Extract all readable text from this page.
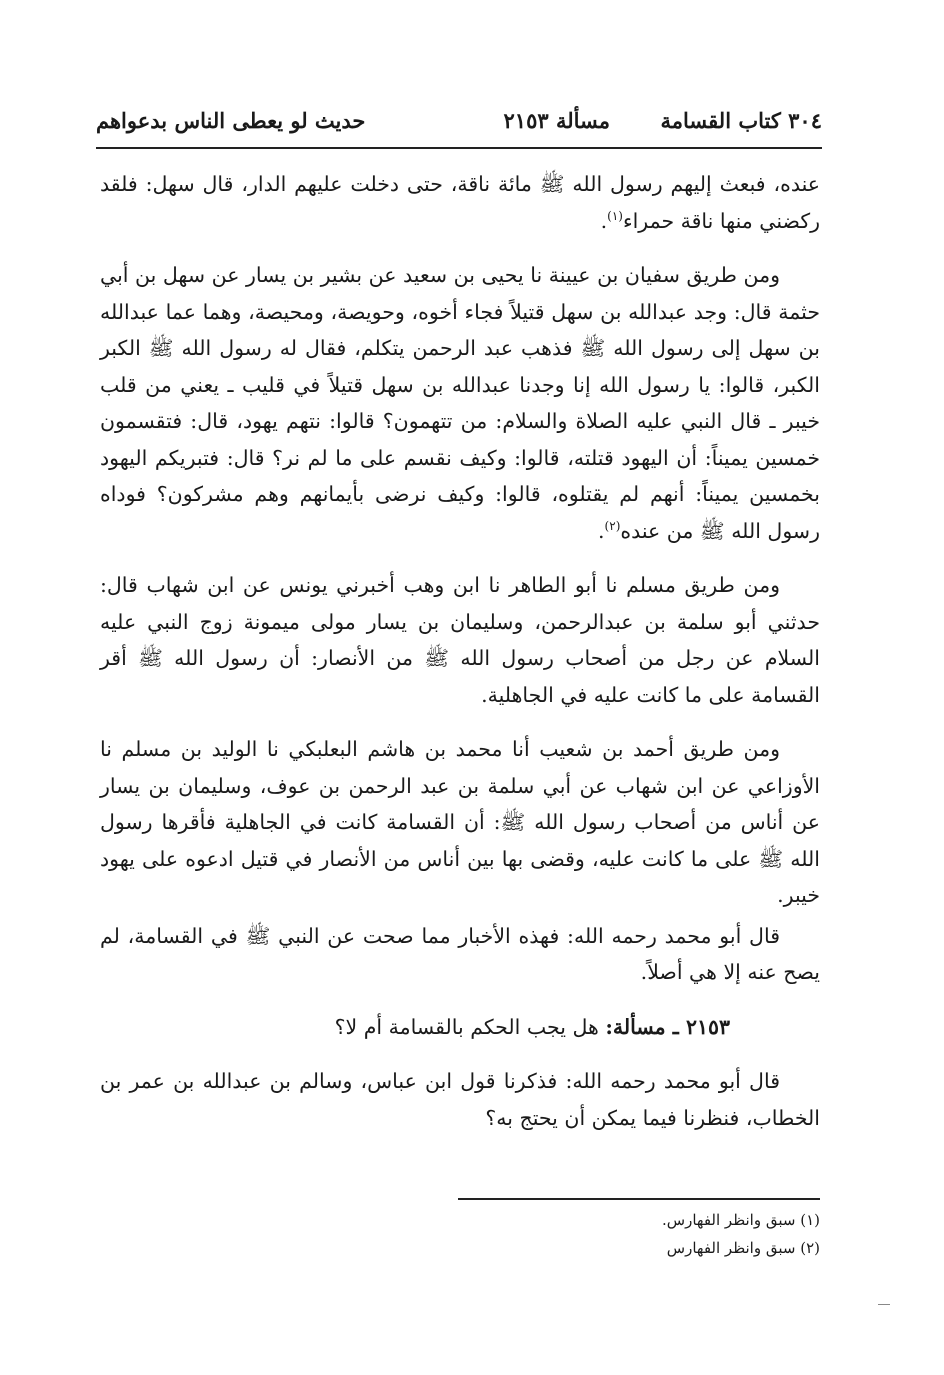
٣٠٤ كتاب القسامة
مسألة ٢١٥٣
حديث لو يعطى الناس بدعواهم

عنده، فبعث إليهم رسول الله ﷺ مائة ناقة، حتى دخلت عليهم الدار، قال سهل: فلقد ركضني منها ناقة حمراء$^{(١)}$.

ومن طريق سفيان بن عيينة نا يحيى بن سعيد عن بشير بن يسار عن سهل بن أبي حثمة قال: وجد عبدالله بن سهل قتيلاً فجاء أخوه، وحويصة، ومحيصة، وهما عما عبدالله بن سهل إلى رسول الله ﷺ فذهب عبد الرحمن يتكلم، فقال له رسول الله ﷺ الكبر الكبر، قالوا: يا رسول الله إنا وجدنا عبدالله بن سهل قتيلاً في قليب ـ يعني من قلب خيبر ـ قال النبي عليه الصلاة والسلام: من تتهمون؟ قالوا: نتهم يهود، قال: فتقسمون خمسين يميناً: أن اليهود قتلته، قالوا: وكيف نقسم على ما لم نر؟ قال: فتبريكم اليهود بخمسين يميناً: أنهم لم يقتلوه، قالوا: وكيف نرضى بأيمانهم وهم مشركون؟ فوداه رسول الله ﷺ من عنده$^{(٢)}$.

ومن طريق مسلم نا أبو الطاهر نا ابن وهب أخبرني يونس عن ابن شهاب قال: حدثني أبو سلمة بن عبدالرحمن، وسليمان بن يسار مولى ميمونة زوج النبي عليه السلام عن رجل من أصحاب رسول الله ﷺ من الأنصار: أن رسول الله ﷺ أقر القسامة على ما كانت عليه في الجاهلية.

ومن طريق أحمد بن شعيب أنا محمد بن هاشم البعلبكي نا الوليد بن مسلم نا الأوزاعي عن ابن شهاب عن أبي سلمة بن عبد الرحمن بن عوف، وسليمان بن يسار عن أناس من أصحاب رسول الله ﷺ: أن القسامة كانت في الجاهلية فأقرها رسول الله ﷺ على ما كانت عليه، وقضى بها بين أناس من الأنصار في قتيل ادعوه على يهود خيبر.

قال أبو محمد رحمه الله: فهذه الأخبار مما صحت عن النبي ﷺ في القسامة، لم يصح عنه إلا هي أصلاً.

٢١٥٣ ـ مسألة: هل يجب الحكم بالقسامة أم لا؟

قال أبو محمد رحمه الله: فذكرنا قول ابن عباس، وسالم بن عبدالله بن عمر بن الخطاب، فنظرنا فيما يمكن أن يحتج به؟

(١) سبق وانظر الفهارس.
(٢) سبق وانظر الفهارس
